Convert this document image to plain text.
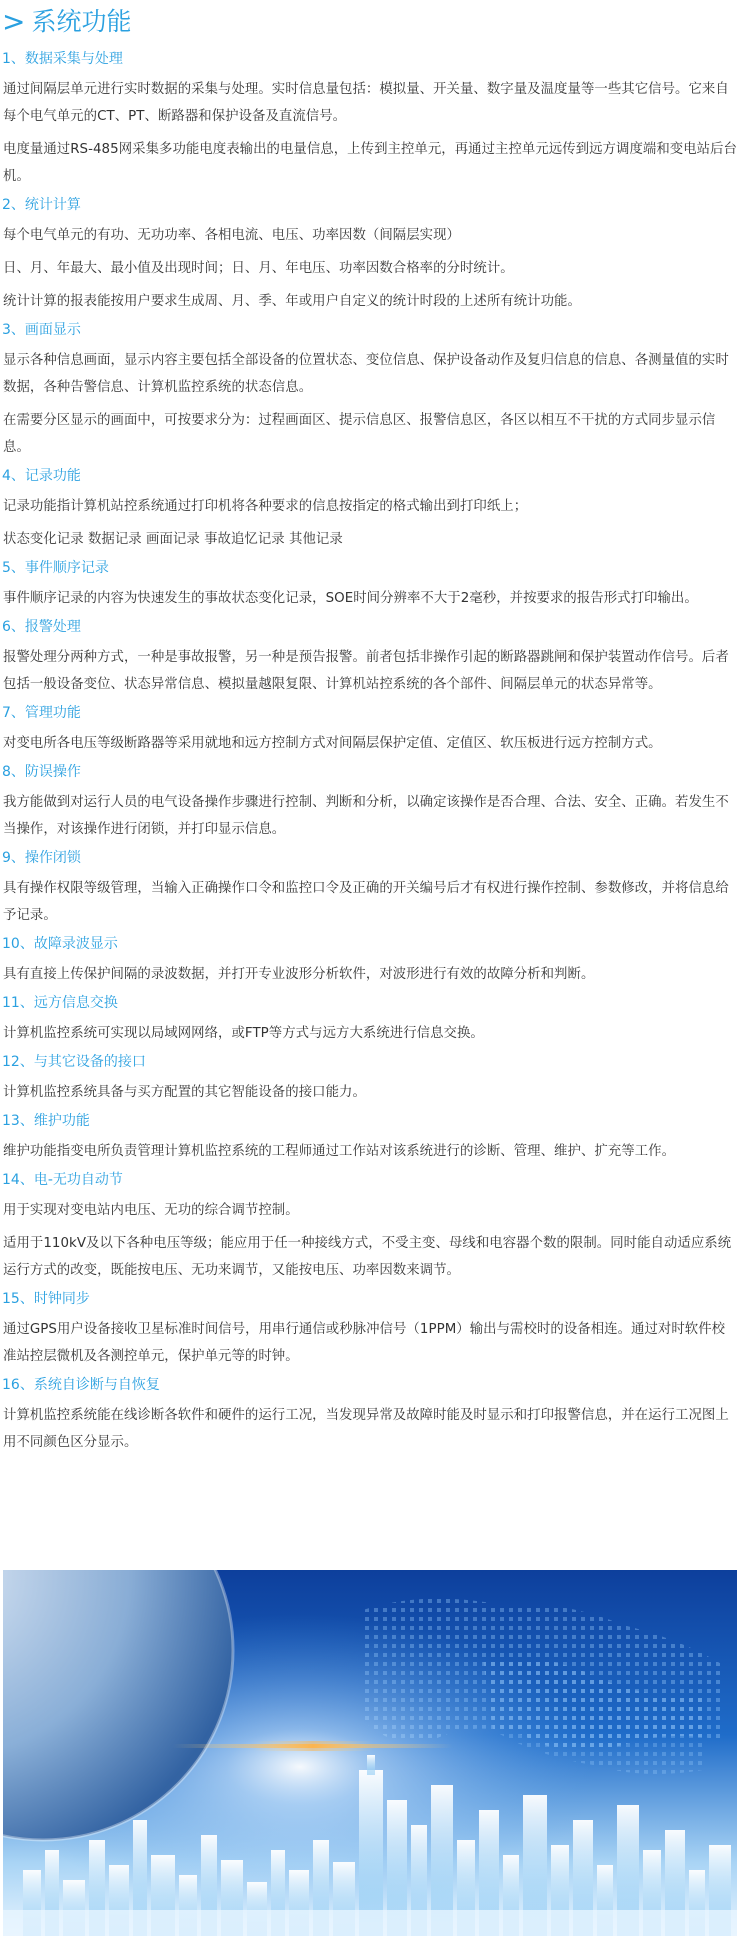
> 系统功能
1、数据采集与处理
通过间隔层单元进行实时数据的采集与处理。实时信息量包括：模拟量、开关量、数字量及温度量等一些其它信号。它来自每个电气单元的CT、PT、断路器和保护设备及直流信号。
电度量通过RS-485网采集多功能电度表输出的电量信息，上传到主控单元，再通过主控单元远传到远方调度端和变电站后台机。
2、统计计算
每个电气单元的有功、无功功率、各相电流、电压、功率因数（间隔层实现）
日、月、年最大、最小值及出现时间；日、月、年电压、功率因数合格率的分时统计。
统计计算的报表能按用户要求生成周、月、季、年或用户自定义的统计时段的上述所有统计功能。
3、画面显示
显示各种信息画面，显示内容主要包括全部设备的位置状态、变位信息、保护设备动作及复归信息的信息、各测量值的实时数据，各种告警信息、计算机监控系统的状态信息。
在需要分区显示的画面中，可按要求分为：过程画面区、提示信息区、报警信息区，各区以相互不干扰的方式同步显示信息。
4、记录功能
记录功能指计算机站控系统通过打印机将各种要求的信息按指定的格式输出到打印纸上；
状态变化记录 数据记录 画面记录 事故追忆记录 其他记录
5、事件顺序记录
事件顺序记录的内容为快速发生的事故状态变化记录，SOE时间分辨率不大于2毫秒，并按要求的报告形式打印输出。
6、报警处理
报警处理分两种方式，一种是事故报警，另一种是预告报警。前者包括非操作引起的断路器跳闸和保护装置动作信号。后者包括一般设备变位、状态异常信息、模拟量越限复限、计算机站控系统的各个部件、间隔层单元的状态异常等。
7、管理功能
对变电所各电压等级断路器等采用就地和远方控制方式对间隔层保护定值、定值区、软压板进行远方控制方式。
8、防误操作
我方能做到对运行人员的电气设备操作步骤进行控制、判断和分析，以确定该操作是否合理、合法、安全、正确。若发生不当操作，对该操作进行闭锁，并打印显示信息。
9、操作闭锁
具有操作权限等级管理，当输入正确操作口令和监控口令及正确的开关编号后才有权进行操作控制、参数修改，并将信息给予记录。
10、故障录波显示
具有直接上传保护间隔的录波数据，并打开专业波形分析软件，对波形进行有效的故障分析和判断。
11、远方信息交换
计算机监控系统可实现以局域网网络，或FTP等方式与远方大系统进行信息交换。
12、与其它设备的接口
计算机监控系统具备与买方配置的其它智能设备的接口能力。
13、维护功能
维护功能指变电所负责管理计算机监控系统的工程师通过工作站对该系统进行的诊断、管理、维护、扩充等工作。
14、电-无功自动节
用于实现对变电站内电压、无功的综合调节控制。
适用于110kV及以下各种电压等级；能应用于任一种接线方式，不受主变、母线和电容器个数的限制。同时能自动适应系统运行方式的改变，既能按电压、无功来调节，又能按电压、功率因数来调节。
15、时钟同步
通过GPS用户设备接收卫星标准时间信号，用串行通信或秒脉冲信号（1PPM）输出与需校时的设备相连。通过对时软件校准站控层微机及各测控单元，保护单元等的时钟。
16、系统自诊断与自恢复
计算机监控系统能在线诊断各软件和硬件的运行工况，当发现异常及故障时能及时显示和打印报警信息，并在运行工况图上用不同颜色区分显示。
